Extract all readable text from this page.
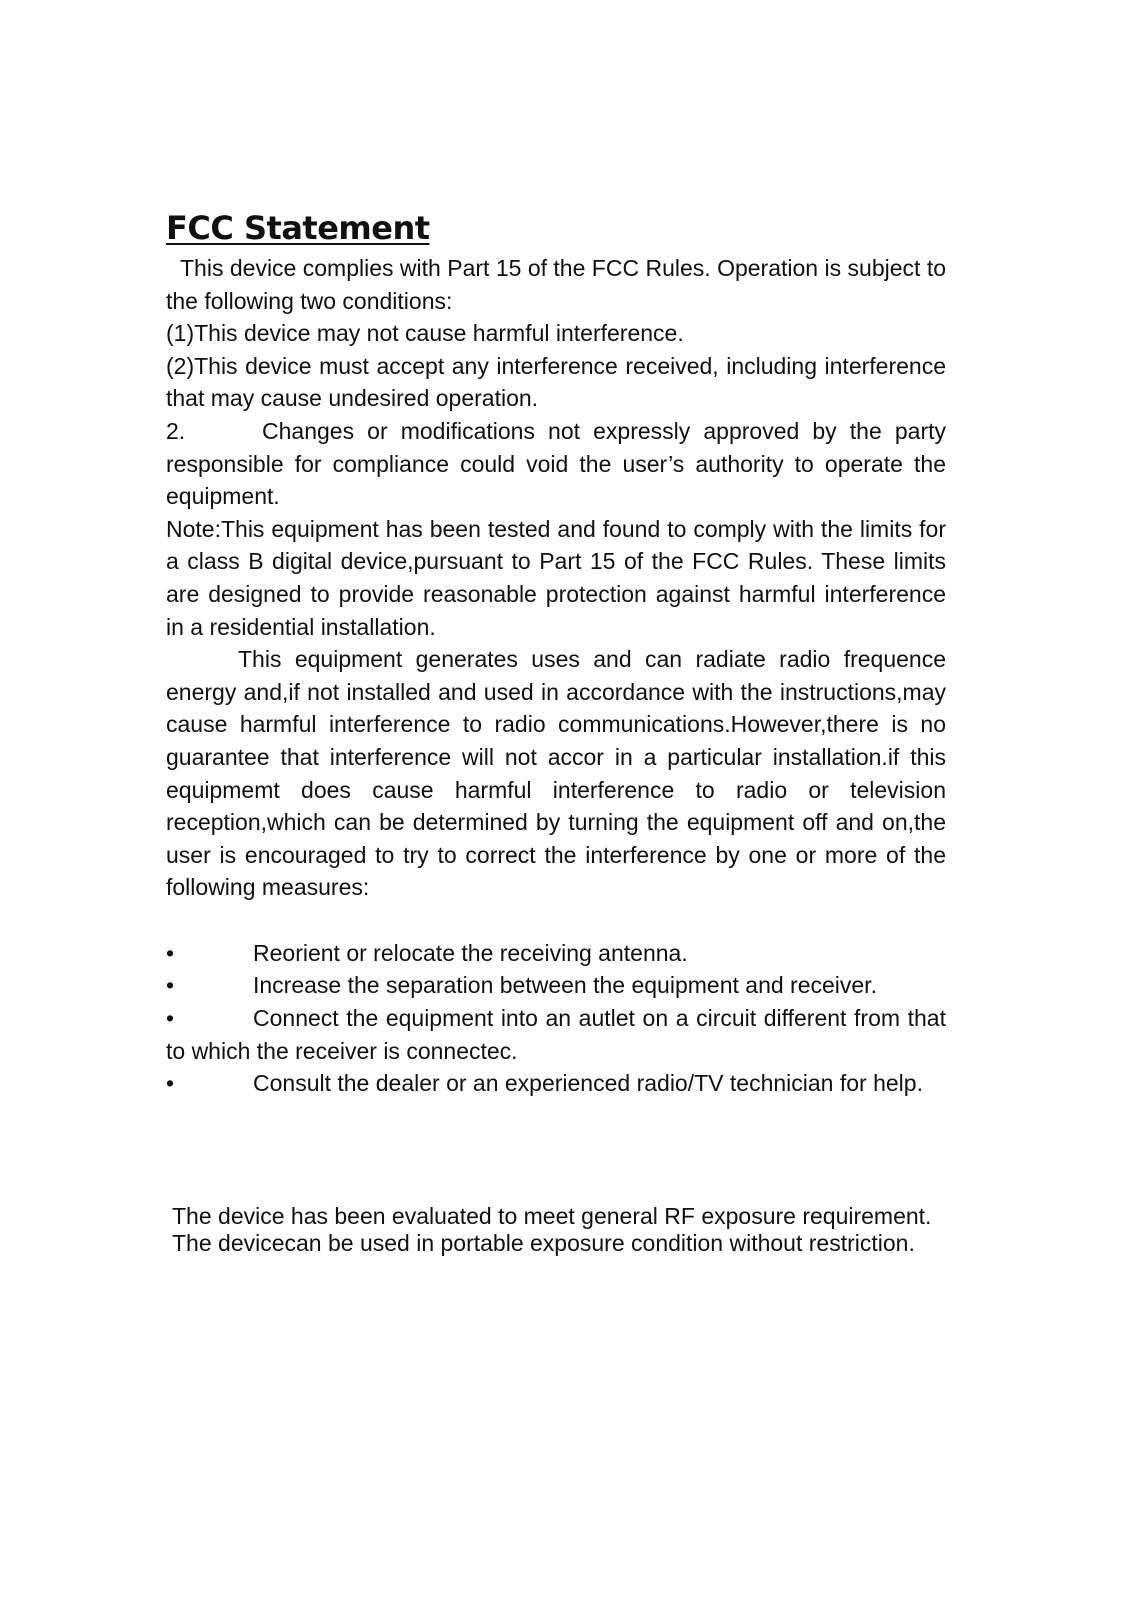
FCC Statement

This device complies with Part 15 of the FCC Rules. Operation is subject to the following two conditions:

(1)This device may not cause harmful interference.

(2)This device must accept any interference received, including interference that may cause undesired operation.

2.	Changes or modifications not expressly approved by the party responsible for compliance could void the user’s authority to operate the equipment.

Note:This equipment has been tested and found to comply with the limits for a class B digital device,pursuant to Part 15 of the FCC Rules. These limits are designed to provide reasonable protection against harmful interference in a residential installation.

This equipment generates uses and can radiate radio frequence energy and,if not installed and used in accordance with the instructions,may cause harmful interference to radio communications.However,there is no guarantee that interference will not accor in a particular installation.if this equipmemt does cause harmful interference to radio or television reception,which can be determined by turning the equipment off and on,the user is encouraged to try to correct the interference by one or more of the following measures:

•	Reorient or relocate the receiving antenna.
•	Increase the separation between the equipment and receiver.
•	Connect the equipment into an autlet on a circuit different from that to which the receiver is connectec.
•	Consult the dealer or an experienced radio/TV technician for help.

The device has been evaluated to meet general RF exposure requirement.

The devicecan be used in portable exposure condition without restriction.
